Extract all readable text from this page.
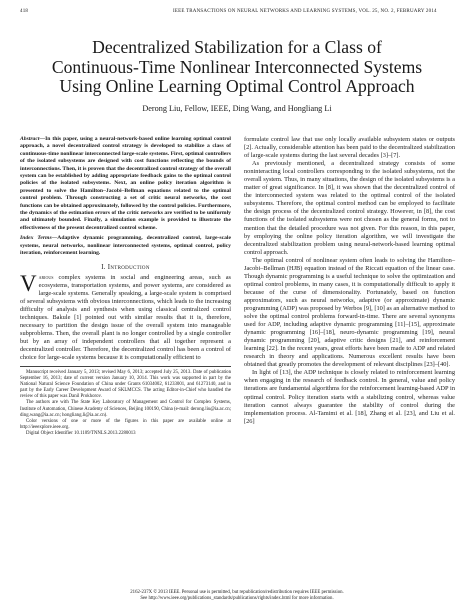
418	IEEE TRANSACTIONS ON NEURAL NETWORKS AND LEARNING SYSTEMS, VOL. 25, NO. 2, FEBRUARY 2014
Decentralized Stabilization for a Class of
Continuous-Time Nonlinear Interconnected Systems
Using Online Learning Optimal Control Approach
Derong Liu, Fellow, IEEE, Ding Wang, and Hongliang Li

Abstract—In this paper, using a neural-network-based online learning optimal control approach, a novel decentralized control strategy is developed to stabilize a class of continuous-time nonlinear interconnected large-scale systems. First, optimal controllers of the isolated subsystems are designed with cost functions reflecting the bounds of interconnections. Then, it is proven that the decentralized control strategy of the overall system can be established by adding appropriate feedback gains to the optimal control policies of the isolated subsystems. Next, an online policy iteration algorithm is presented to solve the Hamilton–Jacobi–Bellman equations related to the optimal control problem. Through constructing a set of critic neural networks, the cost functions can be obtained approximately, followed by the control policies. Furthermore, the dynamics of the estimation errors of the critic networks are verified to be uniformly and ultimately bounded. Finally, a simulation example is provided to illustrate the effectiveness of the present decentralized control scheme.

Index Terms—Adaptive dynamic programming, decentralized control, large-scale systems, neural networks, nonlinear interconnected systems, optimal control, policy iteration, reinforcement learning.

I. Introduction

Various complex systems in social and engineering areas, such as ecosystems, transportation systems, and power systems, are considered as large-scale systems. Generally speaking, a large-scale system is comprised of several subsystems with obvious interconnections, which leads to the increasing difficulty of analysis and synthesis when using classical centralized control techniques. Bakule [1] pointed out with similar results that it is, therefore, necessary to partition the design issue of the overall system into manageable subproblems. Then, the overall plant is no longer controlled by a single controller but by an array of independent controllers that all together represent a decentralized controller. Therefore, the decentralized control has been a control of choice for large-scale systems because it is computationally efficient to

Manuscript received January 5, 2013; revised May 6, 2013; accepted July 25, 2013. Date of publication September 16, 2013; date of current version January 10, 2014. This work was supported in part by the National Natural Science Foundation of China under Grants 61034002, 61233001, and 61273140, and in part by the Early Career Development Award of SKLMCCS. The acting Editor-in-Chief who handled the review of this paper was Danil Prokhorov.

The authors are with The State Key Laboratory of Management and Control for Complex Systems, Institute of Automation, Chinese Academy of Sciences, Beijing 100190, China (e-mail: derong.liu@ia.ac.cn; ding.wang@ia.ac.cn; hongliang.li@ia.ac.cn).

Color versions of one or more of the figures in this paper are available online at http://ieeexplore.ieee.org.

Digital Object Identifier 10.1109/TNNLS.2013.2280013

formulate control law that use only locally available subsystem states or outputs [2]. Actually, considerable attention has been paid to the decentralized stabilization of large-scale systems during the last several decades [3]–[7].

As previously mentioned, a decentralized strategy consists of some noninteracting local controllers corresponding to the isolated subsystems, not the overall system. Thus, in many situations, the design of the isolated subsystems is a matter of great significance. In [8], it was shown that the decentralized control of the interconnected system was related to the optimal control of the isolated subsystems. Therefore, the optimal control method can be employed to facilitate the design process of the decentralized control strategy. However, in [8], the cost functions of the isolated subsystems were not chosen as the general forms, not to mention that the detailed procedure was not given. For this reason, in this paper, by employing the online policy iteration algorithm, we will investigate the decentralized stabilization problem using neural-network-based learning optimal control approach.

The optimal control of nonlinear system often leads to solving the Hamilton–Jacobi–Bellman (HJB) equation instead of the Riccati equation of the linear case. Though dynamic programming is a useful technique to solve the optimization and optimal control problems, in many cases, it is computationally difficult to apply it because of the curse of dimensionality. Fortunately, based on function approximators, such as neural networks, adaptive (or approximate) dynamic programming (ADP) was proposed by Werbos [9], [10] as an alternative method to solve the optimal control problems forward-in-time. There are several synonyms used for ADP, including adaptive dynamic programming [11]–[15], approximate dynamic programming [16]–[18], neuro-dynamic programming [19], neural dynamic programming [20], adaptive critic designs [21], and reinforcement learning [22]. In the recent years, great efforts have been made to ADP and related research in theory and applications. Numerous excellent results have been obtained that greatly promotes the development of relevant disciplines [23]–[40].

In light of [13], the ADP technique is closely related to reinforcement learning when engaging in the research of feedback control. In general, value and policy iterations are fundamental algorithms for the reinforcement learning-based ADP in optimal control. Policy iteration starts with a stabilizing control, whereas value iteration cannot always guarantee the stability of control during the implementation process. Al-Tamimi et al. [18], Zhang et al. [23], and Liu et al. [26]

2162-237X © 2013 IEEE. Personal use is permitted, but republication/redistribution requires IEEE permission.
See http://www.ieee.org/publications_standards/publications/rights/index.html for more information.
